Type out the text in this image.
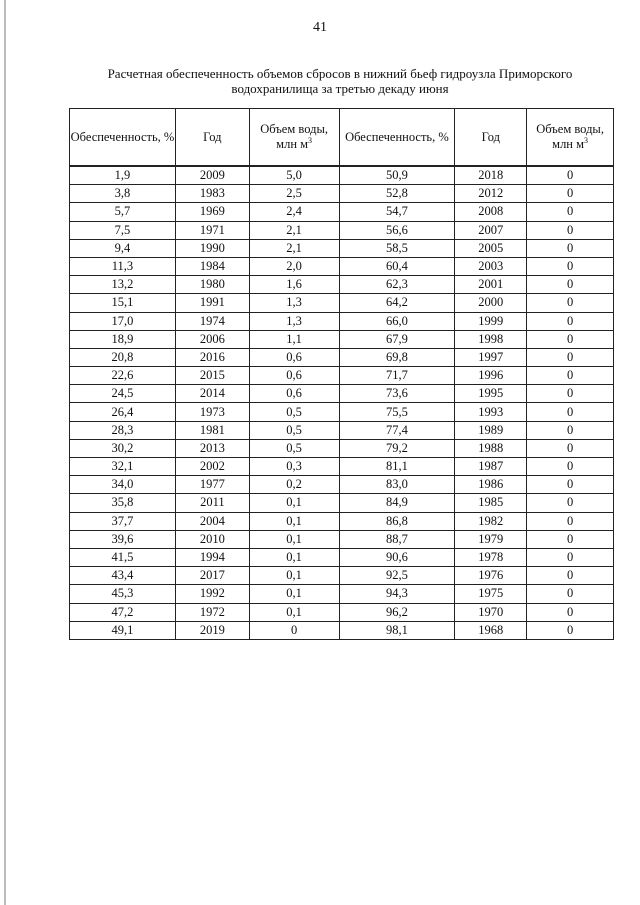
41
Расчетная обеспеченность объемов сбросов в нижний бьеф гидроузла Приморского
водохранилища за третью декаду июня
Обеспеченность, %	Год	Объем воды, млн $м^3$	Обеспеченность, %	Год	Объем воды, млн $м^3$
1,9	2009	5,0	50,9	2018	0
3,8	1983	2,5	52,8	2012	0
5,7	1969	2,4	54,7	2008	0
7,5	1971	2,1	56,6	2007	0
9,4	1990	2,1	58,5	2005	0
11,3	1984	2,0	60,4	2003	0
13,2	1980	1,6	62,3	2001	0
15,1	1991	1,3	64,2	2000	0
17,0	1974	1,3	66,0	1999	0
18,9	2006	1,1	67,9	1998	0
20,8	2016	0,6	69,8	1997	0
22,6	2015	0,6	71,7	1996	0
24,5	2014	0,6	73,6	1995	0
26,4	1973	0,5	75,5	1993	0
28,3	1981	0,5	77,4	1989	0
30,2	2013	0,5	79,2	1988	0
32,1	2002	0,3	81,1	1987	0
34,0	1977	0,2	83,0	1986	0
35,8	2011	0,1	84,9	1985	0
37,7	2004	0,1	86,8	1982	0
39,6	2010	0,1	88,7	1979	0
41,5	1994	0,1	90,6	1978	0
43,4	2017	0,1	92,5	1976	0
45,3	1992	0,1	94,3	1975	0
47,2	1972	0,1	96,2	1970	0
49,1	2019	0	98,1	1968	0
